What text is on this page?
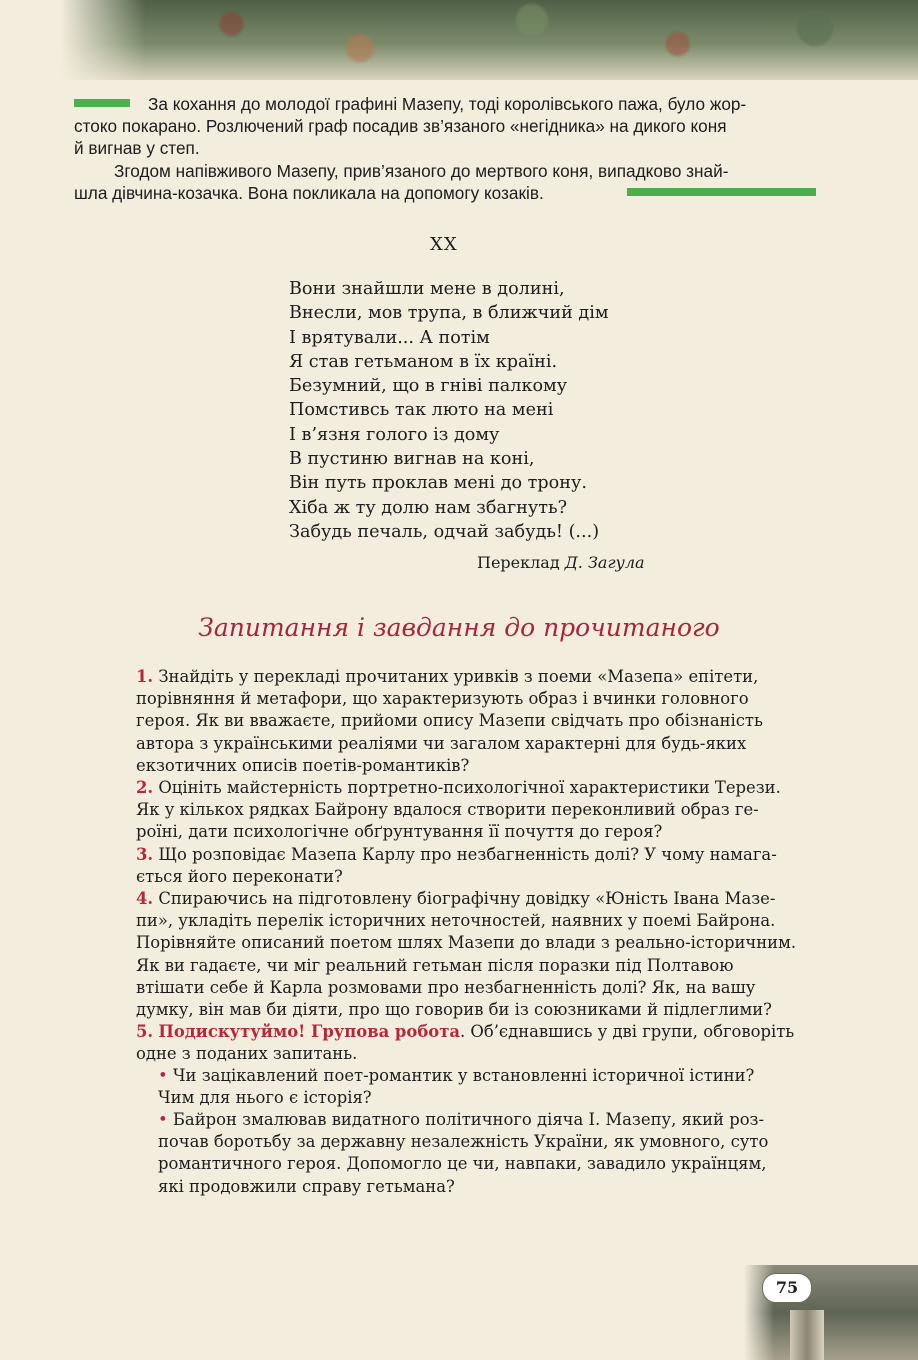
За кохання до молодої графині Мазепу, тоді королівського пажа, було жор-
стоко покарано. Розлючений граф посадив зв’язаного «негідника» на дикого коня
й вигнав у степ.

Згодом напівживого Мазепу, прив’язаного до мертвого коня, випадково знай-
шла дівчина-козачка. Вона покликала на допомогу козаків.

XX
Вони знайшли мене в долині,
Внесли, мов трупа, в ближчий дім
І врятували... А потім
Я став гетьманом в їх країні.
Безумний, що в гніві палкому
Помстивсь так люто на мені
І в’язня голого із дому
В пустиню вигнав на коні,
Він путь проклав мені до трону.
Хіба ж ту долю нам збагнуть?
Забудь печаль, одчай забудь! (...)
Переклад Д. Загула
Запитання і завдання до прочитаного

1. Знайдіть у перекладі прочитаних уривків з поеми «Мазепа» епітети,
порівняння й метафори, що характеризують образ і вчинки головного
героя. Як ви вважаєте, прийоми опису Мазепи свідчать про обізнаність
автора з українськими реаліями чи загалом характерні для будь-яких
екзотичних описів поетів-романтиків?

2. Оцініть майстерність портретно-психологічної характеристики Терези.
Як у кількох рядках Байрону вдалося створити переконливий образ ге-
роїні, дати психологічне обґрунтування її почуття до героя?

3. Що розповідає Мазепа Карлу про незбагненність долі? У чому намага-
ється його переконати?

4. Спираючись на підготовлену біографічну довідку «Юність Івана Мазе-
пи», укладіть перелік історичних неточностей, наявних у поемі Байрона.
Порівняйте описаний поетом шлях Мазепи до влади з реально-історичним.
Як ви гадаєте, чи міг реальний гетьман після поразки під Полтавою
втішати себе й Карла розмовами про незбагненність долі? Як, на вашу
думку, він мав би діяти, про що говорив би із союзниками й підлеглими?

5. Подискутуймо! Групова робота. Об’єднавшись у дві групи, обговоріть
одне з поданих запитань.

• Чи зацікавлений поет-романтик у встановленні історичної істини?
Чим для нього є історія?

• Байрон змалював видатного політичного діяча І. Мазепу, який роз-
почав боротьбу за державну незалежність України, як умовного, суто
романтичного героя. Допомогло це чи, навпаки, завадило українцям,
які продовжили справу гетьмана?

75
